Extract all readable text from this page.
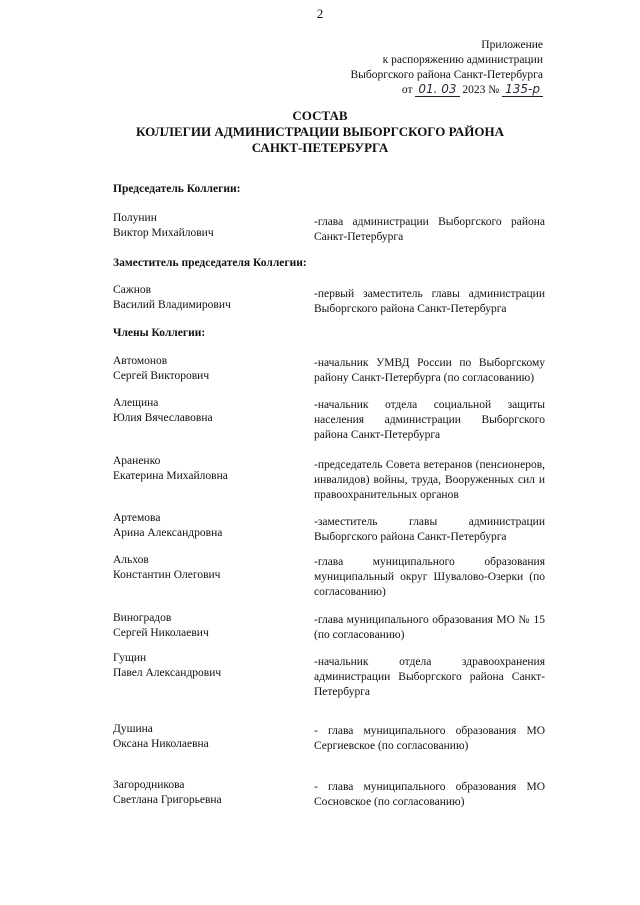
2
Приложение
к распоряжению администрации
Выборгского района Санкт-Петербурга
от 01. 03 2023 № 135-р
СОСТАВ
КОЛЛЕГИИ АДМИНИСТРАЦИИ ВЫБОРГСКОГО РАЙОНА
САНКТ-ПЕТЕРБУРГА
Председатель Коллегии:
Полунин
Виктор Михайлович
-глава администрации Выборгского района Санкт-Петербурга
Заместитель председателя Коллегии:
Сажнов
Василий Владимирович
-первый заместитель главы администрации Выборгского района Санкт-Петербурга
Члены Коллегии:
Автомонов
Сергей Викторович
-начальник УМВД России по Выборгскому району Санкт-Петербурга (по согласованию)
Алещина
Юлия Вячеславовна
-начальник отдела социальной защиты населения администрации Выборгского района Санкт-Петербурга
Араненко
Екатерина Михайловна
-председатель Совета ветеранов (пенсионеров, инвалидов) войны, труда, Вооруженных сил и правоохранительных органов
Артемова
Арина Александровна
-заместитель главы администрации Выборгского района Санкт-Петербурга
Альхов
Константин Олегович
-глава муниципального образования муниципальный округ Шувалово-Озерки (по согласованию)
Виноградов
Сергей Николаевич
-глава муниципального образования МО № 15 (по согласованию)
Гущин
Павел Александрович
-начальник отдела здравоохранения администрации Выборгского района Санкт-Петербурга
Душина
Оксана Николаевна
- глава муниципального образования МО Сергиевское (по согласованию)
Загородникова
Светлана Григорьевна
- глава муниципального образования МО Сосновское (по согласованию)
